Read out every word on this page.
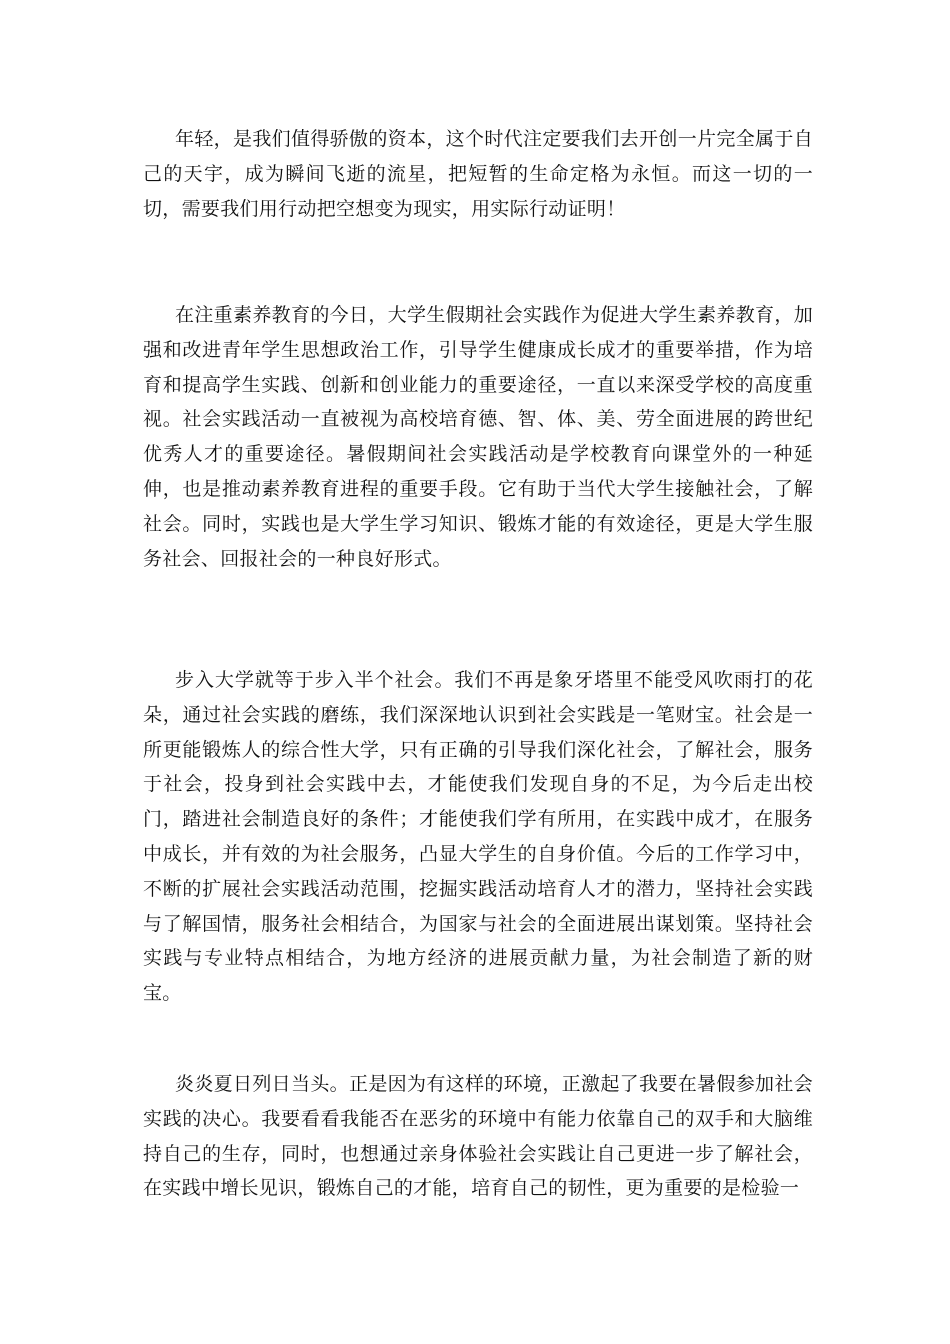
年轻，是我们值得骄傲的资本，这个时代注定要我们去开创一片完全属于自己的天宇，成为瞬间飞逝的流星，把短暂的生命定格为永恒。而这一切的一切，需要我们用行动把空想变为现实，用实际行动证明！

在注重素养教育的今日，大学生假期社会实践作为促进大学生素养教育，加强和改进青年学生思想政治工作，引导学生健康成长成才的重要举措，作为培育和提高学生实践、创新和创业能力的重要途径，一直以来深受学校的高度重视。社会实践活动一直被视为高校培育德、智、体、美、劳全面进展的跨世纪优秀人才的重要途径。暑假期间社会实践活动是学校教育向课堂外的一种延伸，也是推动素养教育进程的重要手段。它有助于当代大学生接触社会，了解社会。同时，实践也是大学生学习知识、锻炼才能的有效途径，更是大学生服务社会、回报社会的一种良好形式。

步入大学就等于步入半个社会。我们不再是象牙塔里不能受风吹雨打的花朵，通过社会实践的磨练，我们深深地认识到社会实践是一笔财宝。社会是一所更能锻炼人的综合性大学，只有正确的引导我们深化社会，了解社会，服务于社会，投身到社会实践中去，才能使我们发现自身的不足，为今后走出校门，踏进社会制造良好的条件；才能使我们学有所用，在实践中成才，在服务中成长，并有效的为社会服务，凸显大学生的自身价值。今后的工作学习中，不断的扩展社会实践活动范围，挖掘实践活动培育人才的潜力，坚持社会实践与了解国情，服务社会相结合，为国家与社会的全面进展出谋划策。坚持社会实践与专业特点相结合，为地方经济的进展贡献力量，为社会制造了新的财宝。

炎炎夏日列日当头。正是因为有这样的环境，正激起了我要在暑假参加社会实践的决心。我要看看我能否在恶劣的环境中有能力依靠自己的双手和大脑维持自己的生存，同时，也想通过亲身体验社会实践让自己更进一步了解社会，在实践中增长见识，锻炼自己的才能，培育自己的韧性，更为重要的是检验一
